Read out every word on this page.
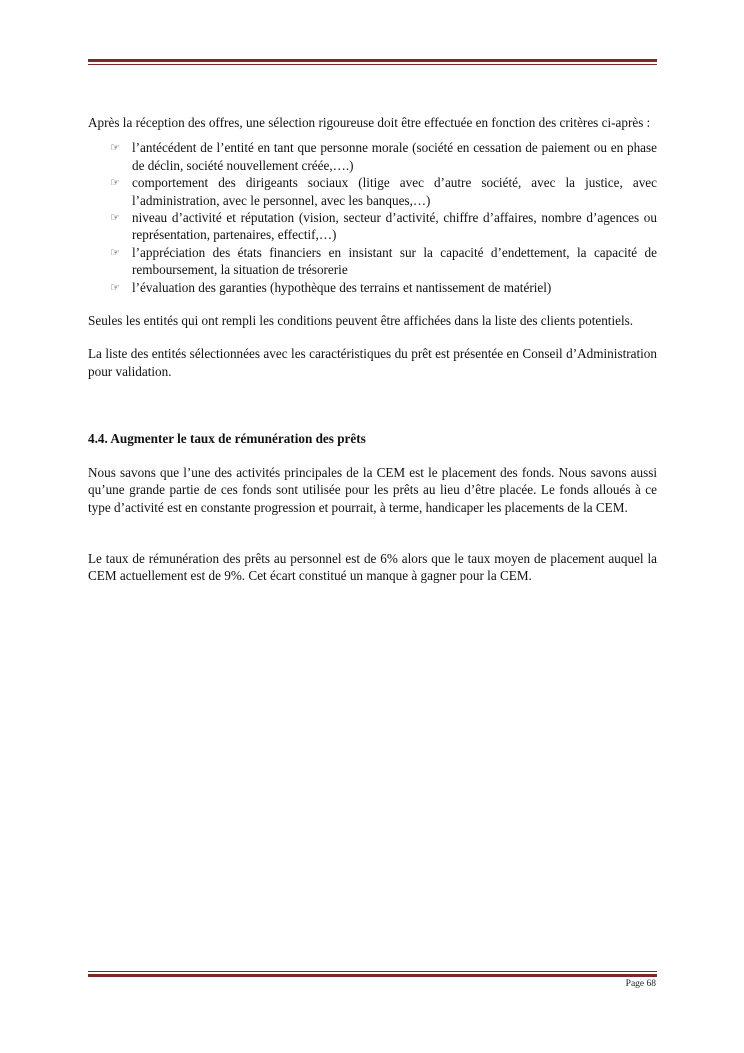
Après la réception des offres, une sélection rigoureuse doit être effectuée en fonction des critères ci-après :

☞ l’antécédent de l’entité en tant que personne morale (société en cessation de paiement ou en phase de déclin, société nouvellement créée,….)
☞ comportement des dirigeants sociaux (litige avec d’autre société, avec la justice, avec l’administration, avec le personnel, avec les banques,…)
☞ niveau d’activité et réputation (vision, secteur d’activité, chiffre d’affaires, nombre d’agences ou représentation, partenaires, effectif,…)
☞ l’appréciation des états financiers en insistant sur la capacité d’endettement, la capacité de remboursement, la situation de trésorerie
☞ l’évaluation des garanties (hypothèque des terrains et nantissement de matériel)

Seules les entités qui ont rempli les conditions peuvent être affichées dans la liste des clients potentiels.

La liste des entités sélectionnées avec les caractéristiques du prêt est présentée en Conseil d’Administration pour validation.

4.4. Augmenter le taux de rémunération des prêts

Nous savons que l’une des activités principales de la CEM est le placement des fonds. Nous savons aussi qu’une grande partie de ces fonds sont utilisée pour les prêts au lieu d’être placée. Le fonds alloués à ce type d’activité est en constante progression et pourrait, à terme, handicaper les placements de la CEM.

Le taux de rémunération des prêts au personnel est de 6% alors que le taux moyen de placement auquel la CEM actuellement est de 9%. Cet écart constitué un manque à gagner pour la CEM.

Page 68
